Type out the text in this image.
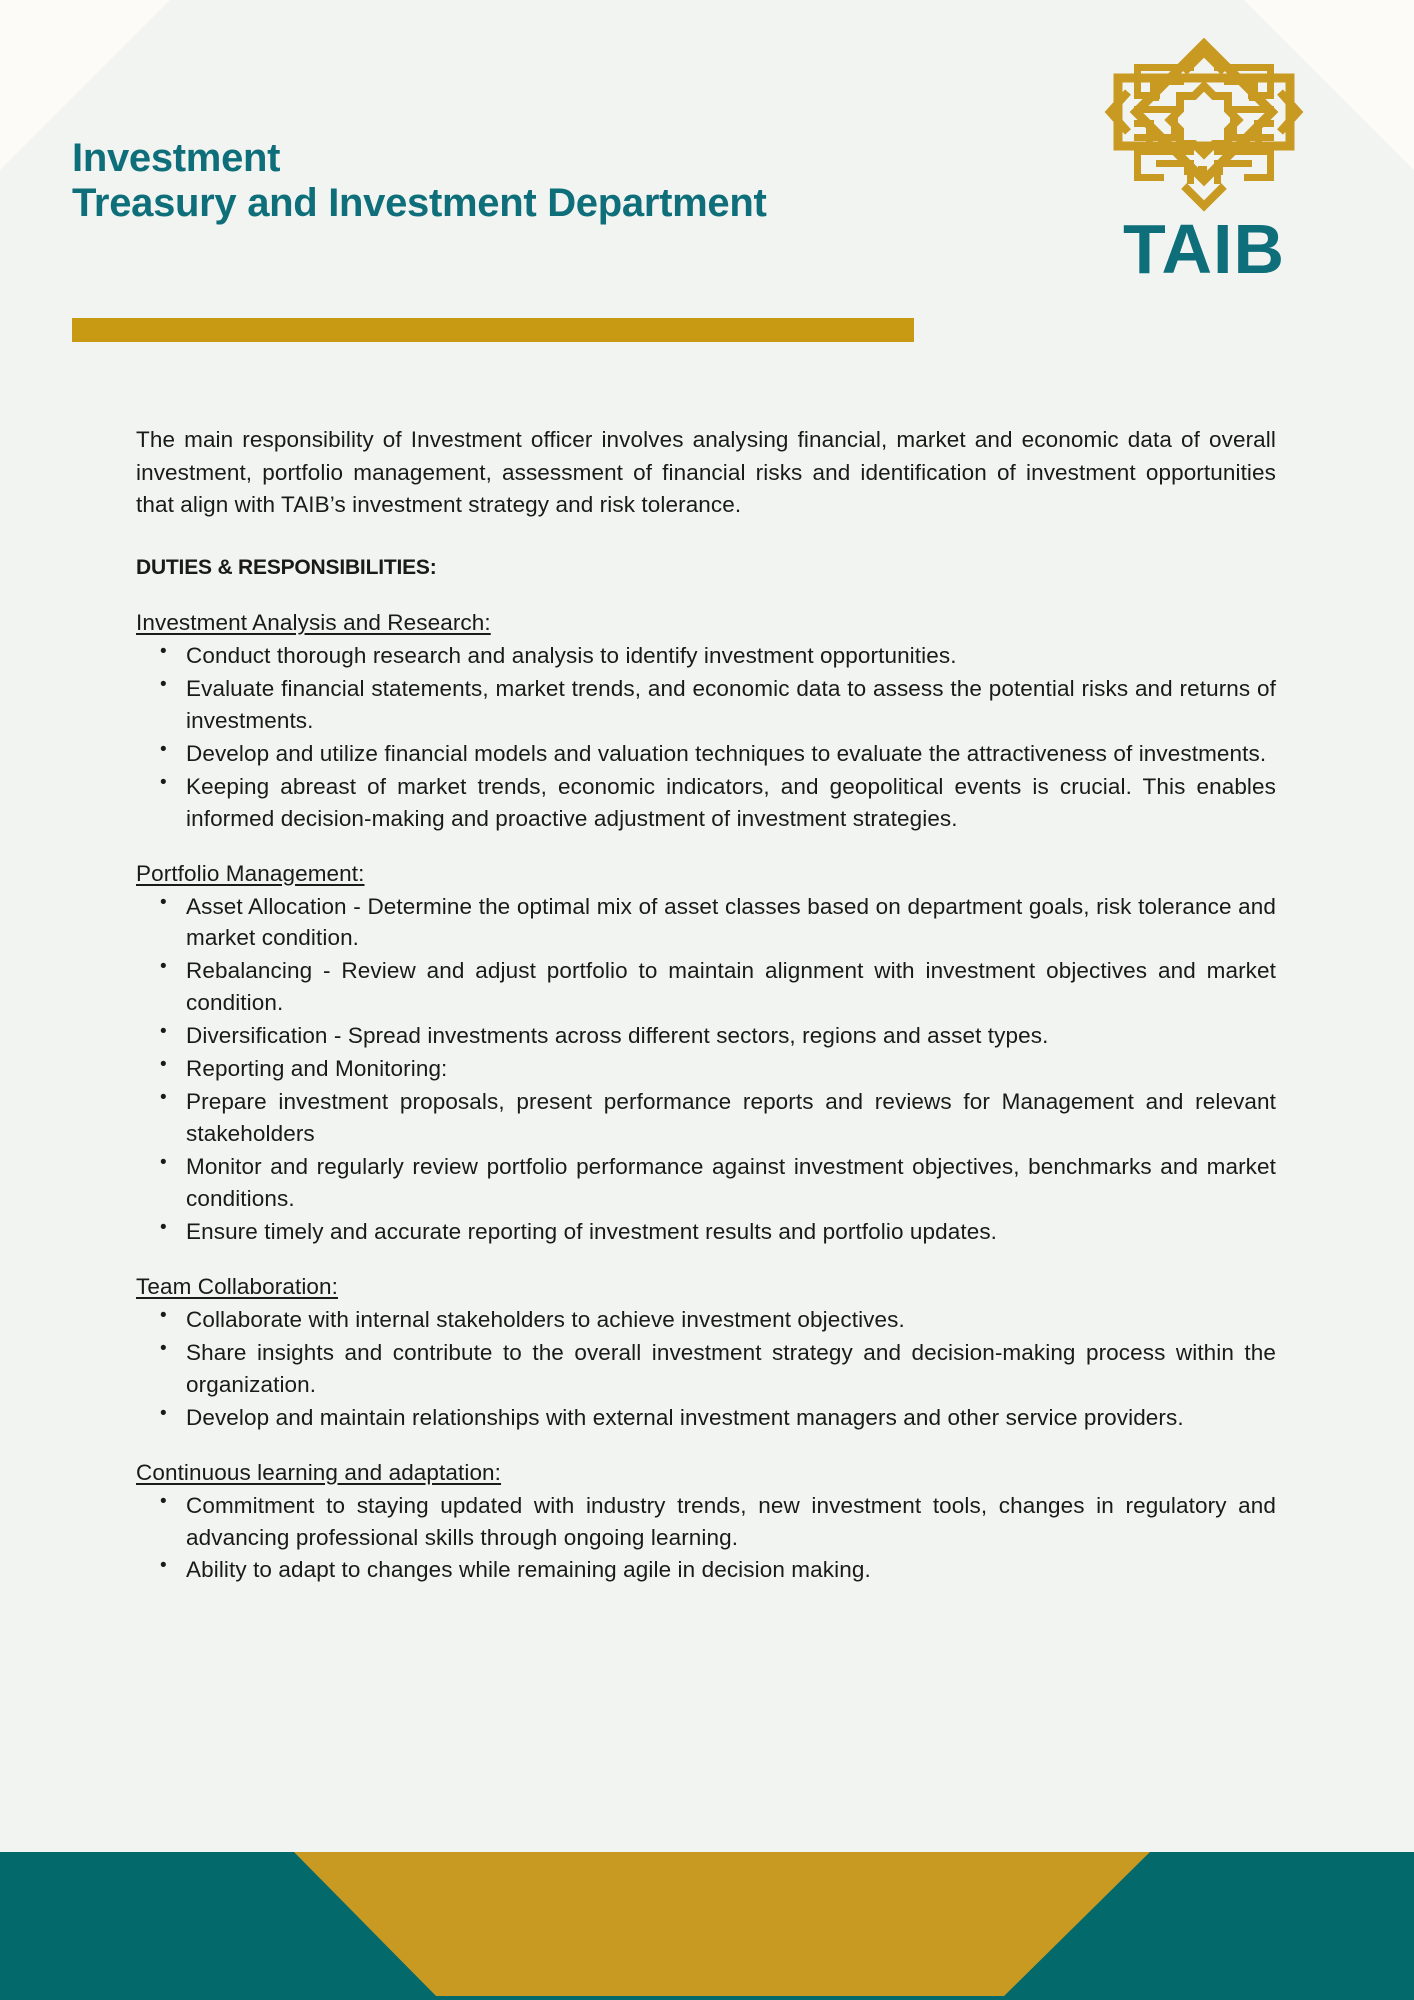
Investment
Treasury and Investment Department
TAIB

The main responsibility of Investment officer involves analysing financial, market and economic data of overall investment, portfolio management, assessment of financial risks and identification of investment opportunities that align with TAIB’s investment strategy and risk tolerance.

DUTIES & RESPONSIBILITIES:

Investment Analysis and Research:

• Conduct thorough research and analysis to identify investment opportunities.
• Evaluate financial statements, market trends, and economic data to assess the potential risks and returns of investments.
• Develop and utilize financial models and valuation techniques to evaluate the attractiveness of investments.
• Keeping abreast of market trends, economic indicators, and geopolitical events is crucial. This enables informed decision-making and proactive adjustment of investment strategies.

Portfolio Management:

• Asset Allocation - Determine the optimal mix of asset classes based on department goals, risk tolerance and market condition.
• Rebalancing - Review and adjust portfolio to maintain alignment with investment objectives and market condition.
• Diversification - Spread investments across different sectors, regions and asset types.
• Reporting and Monitoring:
• Prepare investment proposals, present performance reports and reviews for Management and relevant stakeholders
• Monitor and regularly review portfolio performance against investment objectives, benchmarks and market conditions.
• Ensure timely and accurate reporting of investment results and portfolio updates.

Team Collaboration:

• Collaborate with internal stakeholders to achieve investment objectives.
• Share insights and contribute to the overall investment strategy and decision-making process within the organization.
• Develop and maintain relationships with external investment managers and other service providers.

Continuous learning and adaptation:

• Commitment to staying updated with industry trends, new investment tools, changes in regulatory and advancing professional skills through ongoing learning.
• Ability to adapt to changes while remaining agile in decision making.
